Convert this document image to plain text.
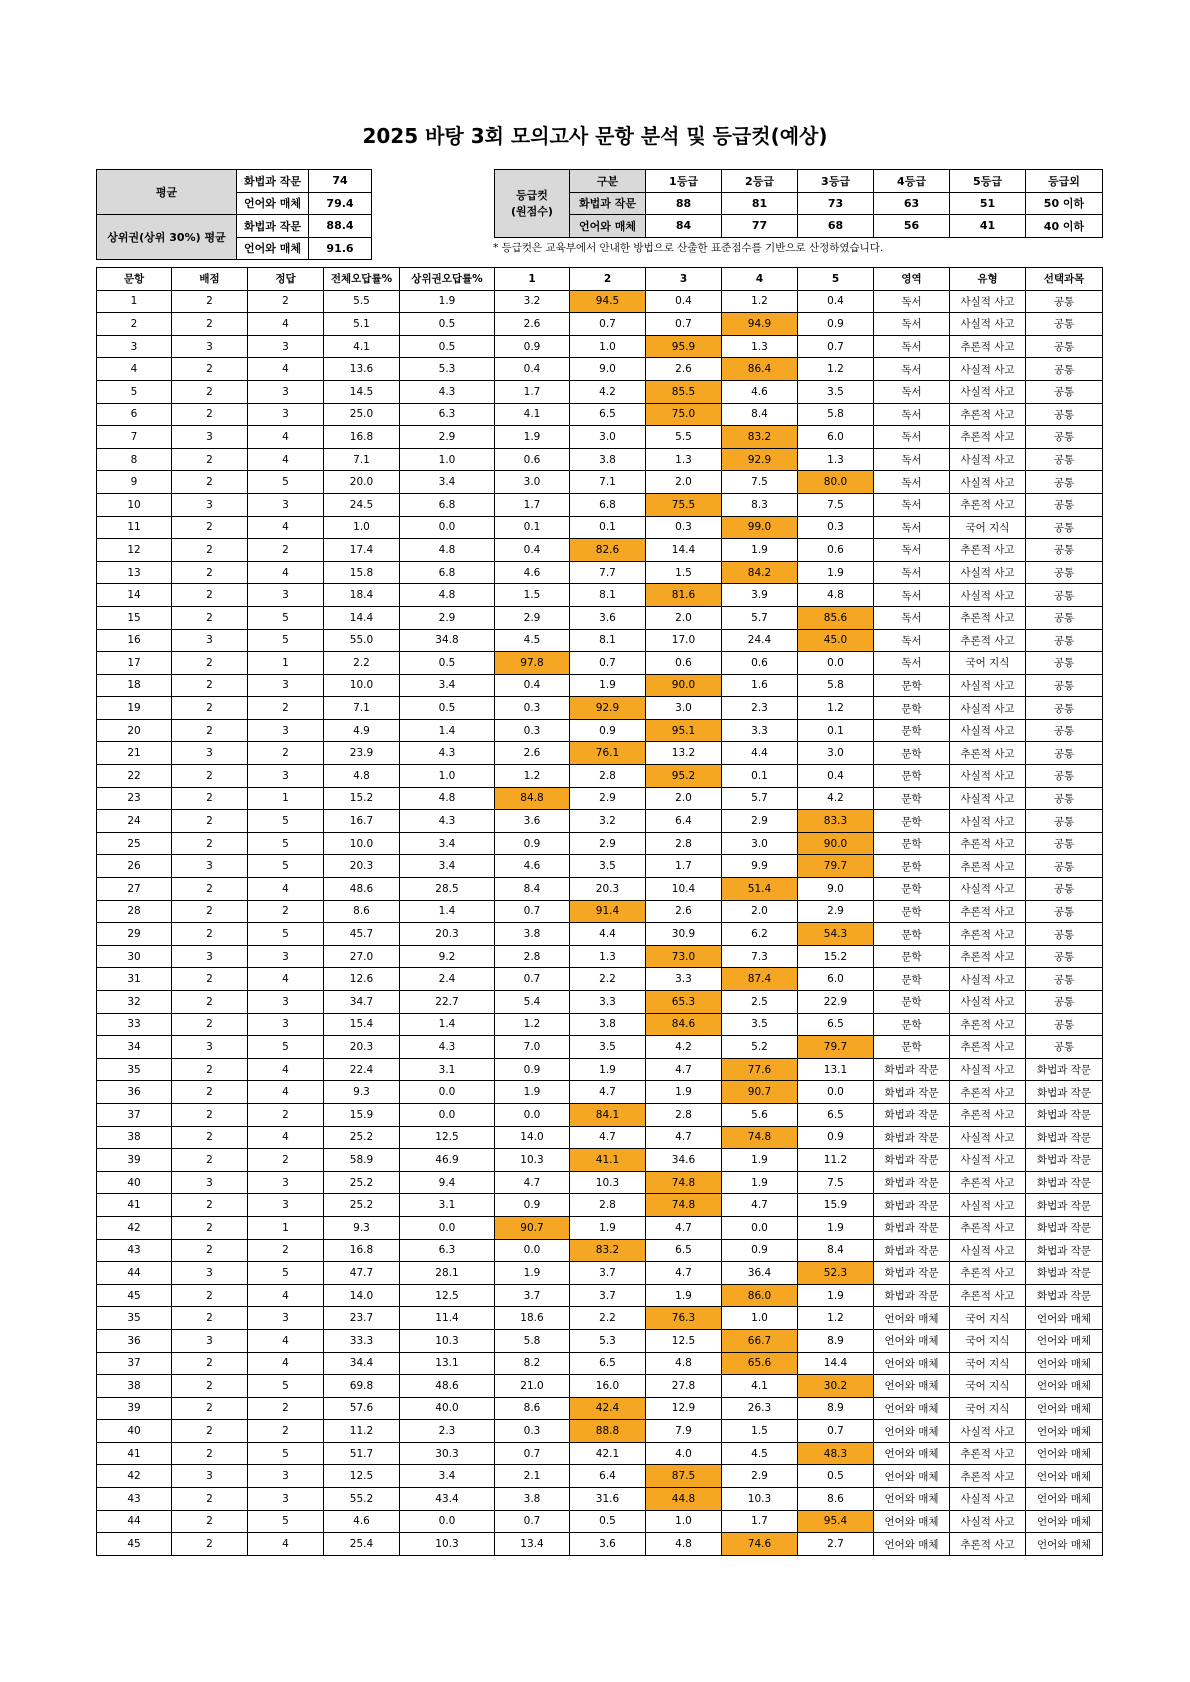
2025 바탕 3회 모의고사 문항 분석 및 등급컷(예상)
평균	화법과 작문	74
	언어와 매체	79.4
상위권(상위 30%) 평균	화법과 작문	88.4
	언어와 매체	91.6
등급컷
(원점수)	구분	1등급	2등급	3등급	4등급	5등급	등급외
	화법과 작문	88	81	73	63	51	50 이하
	언어와 매체	84	77	68	56	41	40 이하
* 등급컷은 교육부에서 안내한 방법으로 산출한 표준점수를 기반으로 산정하였습니다.
문항	배점	정답	전체오답률%	상위권오답률%	1	2	3	4	5	영역	유형	선택과목
1	2	2	5.5	1.9	3.2	94.5	0.4	1.2	0.4	독서	사실적 사고	공통
2	2	4	5.1	0.5	2.6	0.7	0.7	94.9	0.9	독서	사실적 사고	공통
3	3	3	4.1	0.5	0.9	1.0	95.9	1.3	0.7	독서	추론적 사고	공통
4	2	4	13.6	5.3	0.4	9.0	2.6	86.4	1.2	독서	사실적 사고	공통
5	2	3	14.5	4.3	1.7	4.2	85.5	4.6	3.5	독서	사실적 사고	공통
6	2	3	25.0	6.3	4.1	6.5	75.0	8.4	5.8	독서	추론적 사고	공통
7	3	4	16.8	2.9	1.9	3.0	5.5	83.2	6.0	독서	추론적 사고	공통
8	2	4	7.1	1.0	0.6	3.8	1.3	92.9	1.3	독서	사실적 사고	공통
9	2	5	20.0	3.4	3.0	7.1	2.0	7.5	80.0	독서	사실적 사고	공통
10	3	3	24.5	6.8	1.7	6.8	75.5	8.3	7.5	독서	추론적 사고	공통
11	2	4	1.0	0.0	0.1	0.1	0.3	99.0	0.3	독서	국어 지식	공통
12	2	2	17.4	4.8	0.4	82.6	14.4	1.9	0.6	독서	추론적 사고	공통
13	2	4	15.8	6.8	4.6	7.7	1.5	84.2	1.9	독서	사실적 사고	공통
14	2	3	18.4	4.8	1.5	8.1	81.6	3.9	4.8	독서	사실적 사고	공통
15	2	5	14.4	2.9	2.9	3.6	2.0	5.7	85.6	독서	추론적 사고	공통
16	3	5	55.0	34.8	4.5	8.1	17.0	24.4	45.0	독서	추론적 사고	공통
17	2	1	2.2	0.5	97.8	0.7	0.6	0.6	0.0	독서	국어 지식	공통
18	2	3	10.0	3.4	0.4	1.9	90.0	1.6	5.8	문학	사실적 사고	공통
19	2	2	7.1	0.5	0.3	92.9	3.0	2.3	1.2	문학	사실적 사고	공통
20	2	3	4.9	1.4	0.3	0.9	95.1	3.3	0.1	문학	사실적 사고	공통
21	3	2	23.9	4.3	2.6	76.1	13.2	4.4	3.0	문학	추론적 사고	공통
22	2	3	4.8	1.0	1.2	2.8	95.2	0.1	0.4	문학	사실적 사고	공통
23	2	1	15.2	4.8	84.8	2.9	2.0	5.7	4.2	문학	사실적 사고	공통
24	2	5	16.7	4.3	3.6	3.2	6.4	2.9	83.3	문학	사실적 사고	공통
25	2	5	10.0	3.4	0.9	2.9	2.8	3.0	90.0	문학	추론적 사고	공통
26	3	5	20.3	3.4	4.6	3.5	1.7	9.9	79.7	문학	추론적 사고	공통
27	2	4	48.6	28.5	8.4	20.3	10.4	51.4	9.0	문학	사실적 사고	공통
28	2	2	8.6	1.4	0.7	91.4	2.6	2.0	2.9	문학	추론적 사고	공통
29	2	5	45.7	20.3	3.8	4.4	30.9	6.2	54.3	문학	추론적 사고	공통
30	3	3	27.0	9.2	2.8	1.3	73.0	7.3	15.2	문학	추론적 사고	공통
31	2	4	12.6	2.4	0.7	2.2	3.3	87.4	6.0	문학	사실적 사고	공통
32	2	3	34.7	22.7	5.4	3.3	65.3	2.5	22.9	문학	사실적 사고	공통
33	2	3	15.4	1.4	1.2	3.8	84.6	3.5	6.5	문학	추론적 사고	공통
34	3	5	20.3	4.3	7.0	3.5	4.2	5.2	79.7	문학	추론적 사고	공통
35	2	4	22.4	3.1	0.9	1.9	4.7	77.6	13.1	화법과 작문	사실적 사고	화법과 작문
36	2	4	9.3	0.0	1.9	4.7	1.9	90.7	0.0	화법과 작문	추론적 사고	화법과 작문
37	2	2	15.9	0.0	0.0	84.1	2.8	5.6	6.5	화법과 작문	추론적 사고	화법과 작문
38	2	4	25.2	12.5	14.0	4.7	4.7	74.8	0.9	화법과 작문	사실적 사고	화법과 작문
39	2	2	58.9	46.9	10.3	41.1	34.6	1.9	11.2	화법과 작문	사실적 사고	화법과 작문
40	3	3	25.2	9.4	4.7	10.3	74.8	1.9	7.5	화법과 작문	추론적 사고	화법과 작문
41	2	3	25.2	3.1	0.9	2.8	74.8	4.7	15.9	화법과 작문	사실적 사고	화법과 작문
42	2	1	9.3	0.0	90.7	1.9	4.7	0.0	1.9	화법과 작문	추론적 사고	화법과 작문
43	2	2	16.8	6.3	0.0	83.2	6.5	0.9	8.4	화법과 작문	사실적 사고	화법과 작문
44	3	5	47.7	28.1	1.9	3.7	4.7	36.4	52.3	화법과 작문	추론적 사고	화법과 작문
45	2	4	14.0	12.5	3.7	3.7	1.9	86.0	1.9	화법과 작문	추론적 사고	화법과 작문
35	2	3	23.7	11.4	18.6	2.2	76.3	1.0	1.2	언어와 매체	국어 지식	언어와 매체
36	3	4	33.3	10.3	5.8	5.3	12.5	66.7	8.9	언어와 매체	국어 지식	언어와 매체
37	2	4	34.4	13.1	8.2	6.5	4.8	65.6	14.4	언어와 매체	국어 지식	언어와 매체
38	2	5	69.8	48.6	21.0	16.0	27.8	4.1	30.2	언어와 매체	국어 지식	언어와 매체
39	2	2	57.6	40.0	8.6	42.4	12.9	26.3	8.9	언어와 매체	국어 지식	언어와 매체
40	2	2	11.2	2.3	0.3	88.8	7.9	1.5	0.7	언어와 매체	사실적 사고	언어와 매체
41	2	5	51.7	30.3	0.7	42.1	4.0	4.5	48.3	언어와 매체	추론적 사고	언어와 매체
42	3	3	12.5	3.4	2.1	6.4	87.5	2.9	0.5	언어와 매체	추론적 사고	언어와 매체
43	2	3	55.2	43.4	3.8	31.6	44.8	10.3	8.6	언어와 매체	사실적 사고	언어와 매체
44	2	5	4.6	0.0	0.7	0.5	1.0	1.7	95.4	언어와 매체	사실적 사고	언어와 매체
45	2	4	25.4	10.3	13.4	3.6	4.8	74.6	2.7	언어와 매체	추론적 사고	언어와 매체
